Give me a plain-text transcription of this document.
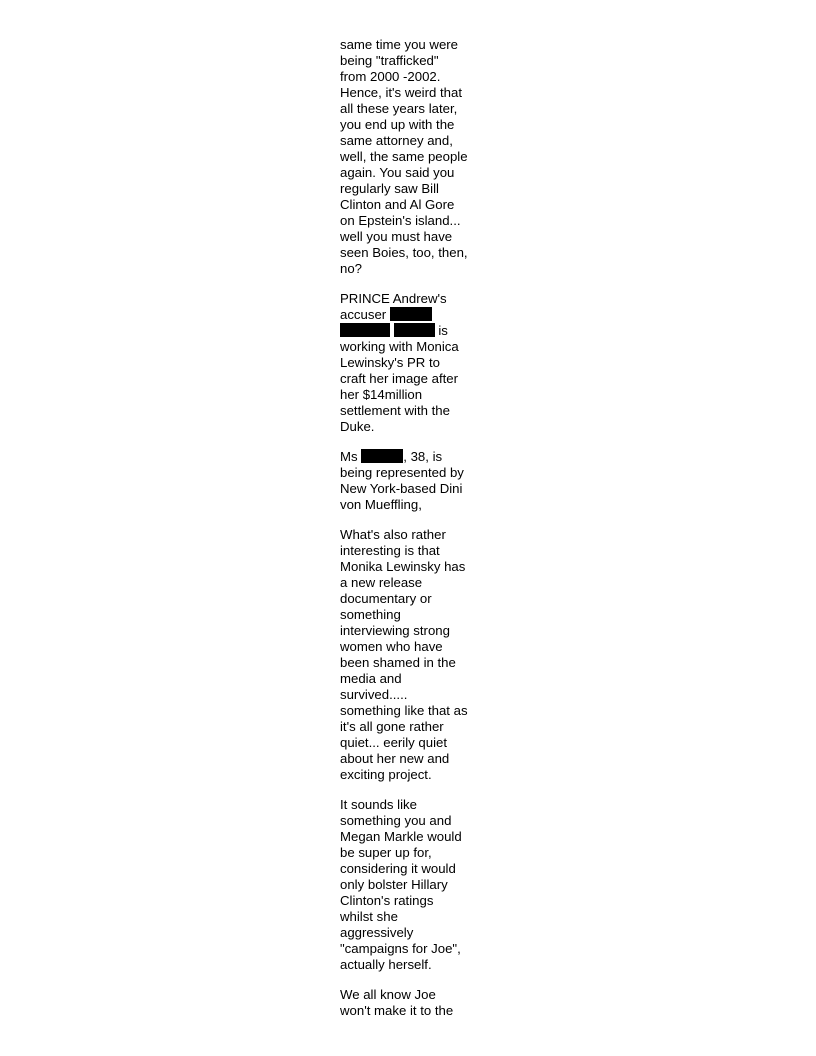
same time you were
being "trafficked"
from 2000 -2002.
Hence, it's weird that
all these years later,
you end up with the
same attorney and,
well, the same people
again. You said you
regularly saw Bill
Clinton and Al Gore
on Epstein's island...
well you must have
seen Boies, too, then,
no?

PRINCE Andrew's
accuser
is
working with Monica
Lewinsky's PR to
craft her image after
her $14million
settlement with the
Duke.

Ms	, 38, is
being represented by
New York-based Dini
von Mueffling,

What's also rather
interesting is that
Monika Lewinsky has
a new release
documentary or
something
interviewing strong
women who have
been shamed in the
media and
survived.....
something like that as
it's all gone rather
quiet... eerily quiet
about her new and
exciting project.

It sounds like
something you and
Megan Markle would
be super up for,
considering it would
only bolster Hillary
Clinton's ratings
whilst she
aggressively
"campaigns for Joe",
actually herself.

We all know Joe
won't make it to the
